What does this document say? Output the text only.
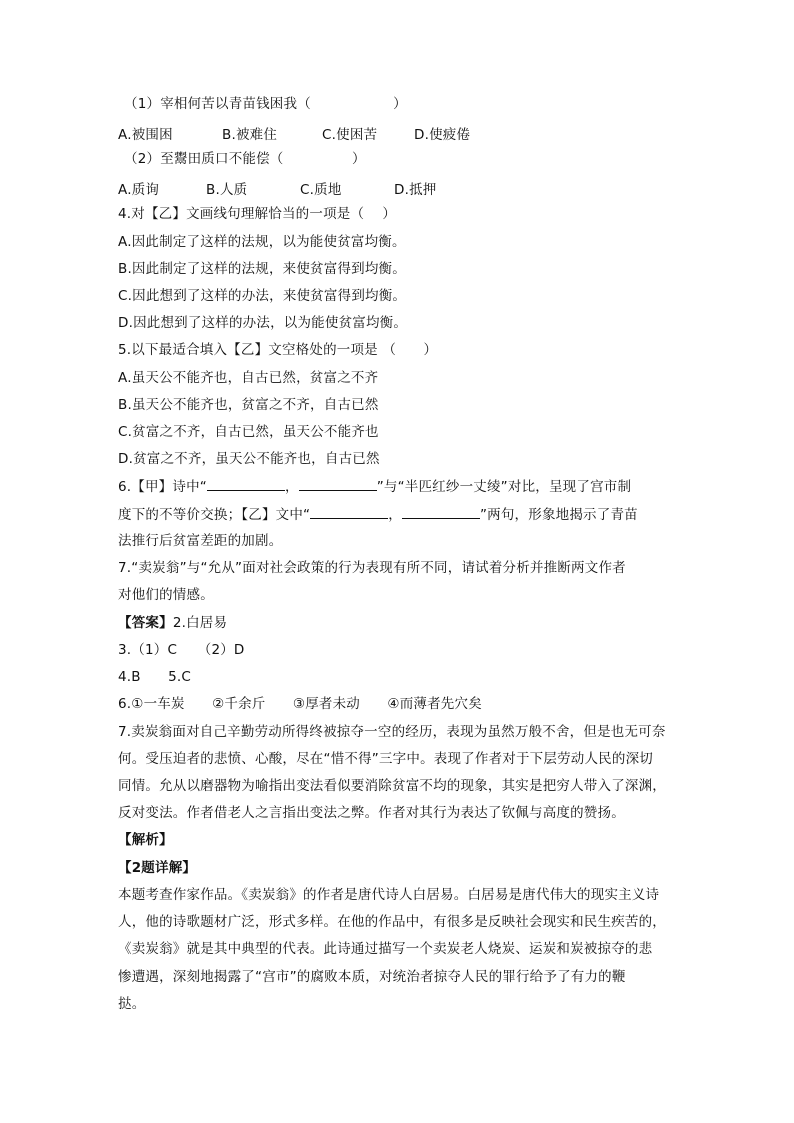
（1）宰相何苦以青苗钱困我（　　　　　　）
A.被围困	B.被难住	C.使困苦	D.使疲倦
（2）至鬻田质口不能偿（　　　　　）
A.质询	B.人质	C.质地	D.抵押
4.对【乙】文画线句理解恰当的一项是（　 ）
A.因此制定了这样的法规，以为能使贫富均衡。
B.因此制定了这样的法规，来使贫富得到均衡。
C.因此想到了这样的办法，来使贫富得到均衡。
D.因此想到了这样的办法，以为能使贫富均衡。
5.以下最适合填入【乙】文空格处的一项是 （　　）
A.虽天公不能齐也，自古已然，贫富之不齐
B.虽天公不能齐也，贫富之不齐，自古已然
C.贫富之不齐，自古已然，虽天公不能齐也
D.贫富之不齐，虽天公不能齐也，自古已然
6.【甲】诗中“	，	”与“半匹红纱一丈绫”对比，呈现了宫市制
度下的不等价交换；【乙】文中“	，	”两句，形象地揭示了青苗
法推行后贫富差距的加剧。
7.“卖炭翁”与“允从”面对社会政策的行为表现有所不同，请试着分析并推断两文作者
对他们的情感。
【答案】2.白居易
3.（1）C　　（2）D
4.B　　5.C
6.①一车炭　　②千余斤　　③厚者未动　　④而薄者先穴矣
7.卖炭翁面对自己辛勤劳动所得终被掠夺一空的经历，表现为虽然万般不舍，但是也无可奈
何。受压迫者的悲愤、心酸，尽在“惜不得”三字中。表现了作者对于下层劳动人民的深切
同情。允从以磨器物为喻指出变法看似要消除贫富不均的现象，其实是把穷人带入了深渊，
反对变法。作者借老人之言指出变法之弊。作者对其行为表达了钦佩与高度的赞扬。
【解析】
【2题详解】
本题考查作家作品。《卖炭翁》的作者是唐代诗人白居易。白居易是唐代伟大的现实主义诗
人，他的诗歌题材广泛，形式多样。在他的作品中，有很多是反映社会现实和民生疾苦的，
《卖炭翁》就是其中典型的代表。此诗通过描写一个卖炭老人烧炭、运炭和炭被掠夺的悲
惨遭遇，深刻地揭露了“宫市”的腐败本质，对统治者掠夺人民的罪行给予了有力的鞭
挞。
